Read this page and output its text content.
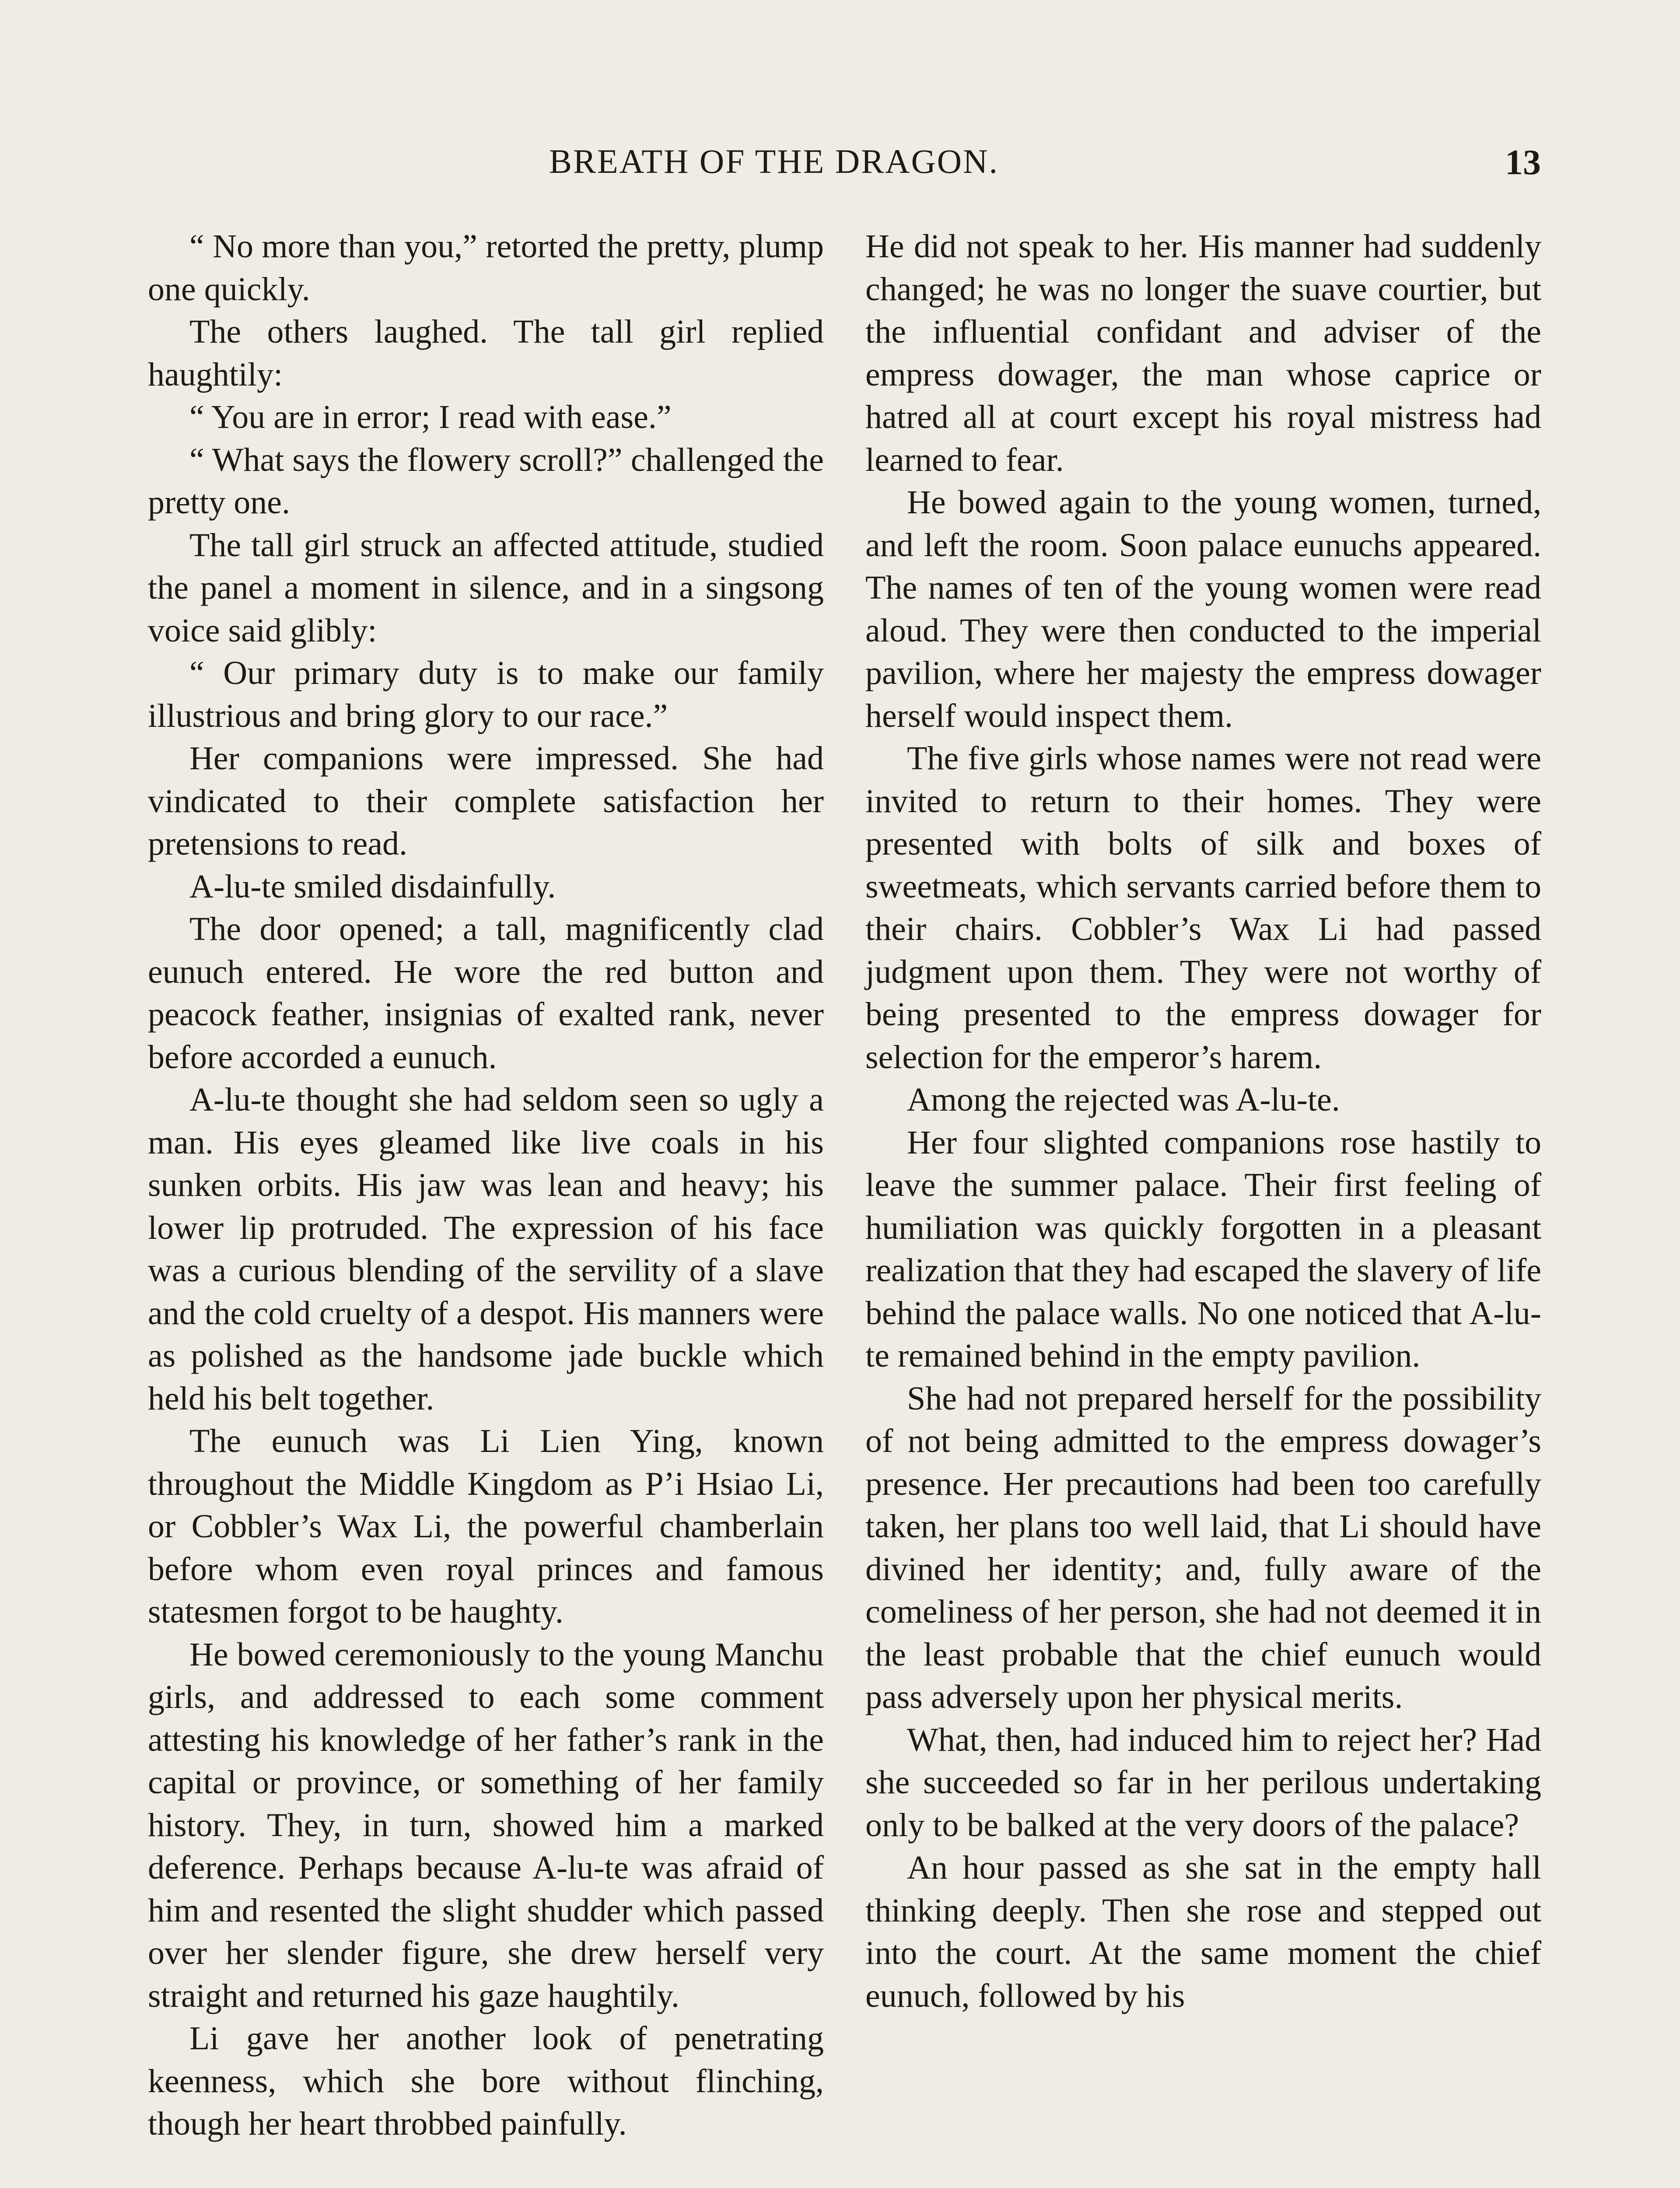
BREATH OF THE DRAGON.	13

“ No more than you,” retorted the pretty, plump one quickly.

The others laughed. The tall girl replied haughtily:

“ You are in error; I read with ease.”

“ What says the flowery scroll?” challenged the pretty one.

The tall girl struck an affected attitude, studied the panel a moment in silence, and in a singsong voice said glibly:

“ Our primary duty is to make our family illustrious and bring glory to our race.”

Her companions were impressed. She had vindicated to their complete satisfaction her pretensions to read.

A-lu-te smiled disdainfully.

The door opened; a tall, magnificently clad eunuch entered. He wore the red button and peacock feather, insignias of exalted rank, never before accorded a eunuch.

A-lu-te thought she had seldom seen so ugly a man. His eyes gleamed like live coals in his sunken orbits. His jaw was lean and heavy; his lower lip protruded. The expression of his face was a curious blending of the servility of a slave and the cold cruelty of a despot. His manners were as polished as the handsome jade buckle which held his belt together.

The eunuch was Li Lien Ying, known throughout the Middle Kingdom as P’i Hsiao Li, or Cobbler’s Wax Li, the powerful chamberlain before whom even royal princes and famous statesmen forgot to be haughty.

He bowed ceremoniously to the young Manchu girls, and addressed to each some comment attesting his knowledge of her father’s rank in the capital or province, or something of her family history. They, in turn, showed him a marked deference. Perhaps because A-lu-te was afraid of him and resented the slight shudder which passed over her slender figure, she drew herself very straight and returned his gaze haughtily.

Li gave her another look of penetrating keenness, which she bore without flinching, though her heart throbbed painfully.

He did not speak to her. His manner had suddenly changed; he was no longer the suave courtier, but the influential confidant and adviser of the empress dowager, the man whose caprice or hatred all at court except his royal mistress had learned to fear.

He bowed again to the young women, turned, and left the room. Soon palace eunuchs appeared. The names of ten of the young women were read aloud. They were then conducted to the imperial pavilion, where her majesty the empress dowager herself would inspect them.

The five girls whose names were not read were invited to return to their homes. They were presented with bolts of silk and boxes of sweetmeats, which servants carried before them to their chairs. Cobbler’s Wax Li had passed judgment upon them. They were not worthy of being presented to the empress dowager for selection for the emperor’s harem.

Among the rejected was A-lu-te.

Her four slighted companions rose hastily to leave the summer palace. Their first feeling of humiliation was quickly forgotten in a pleasant realization that they had escaped the slavery of life behind the palace walls. No one noticed that A-lu-te remained behind in the empty pavilion.

She had not prepared herself for the possibility of not being admitted to the empress dowager’s presence. Her precautions had been too carefully taken, her plans too well laid, that Li should have divined her identity; and, fully aware of the comeliness of her person, she had not deemed it in the least probable that the chief eunuch would pass adversely upon her physical merits.

What, then, had induced him to reject her? Had she succeeded so far in her perilous undertaking only to be balked at the very doors of the palace?

An hour passed as she sat in the empty hall thinking deeply. Then she rose and stepped out into the court. At the same moment the chief eunuch, followed by his
